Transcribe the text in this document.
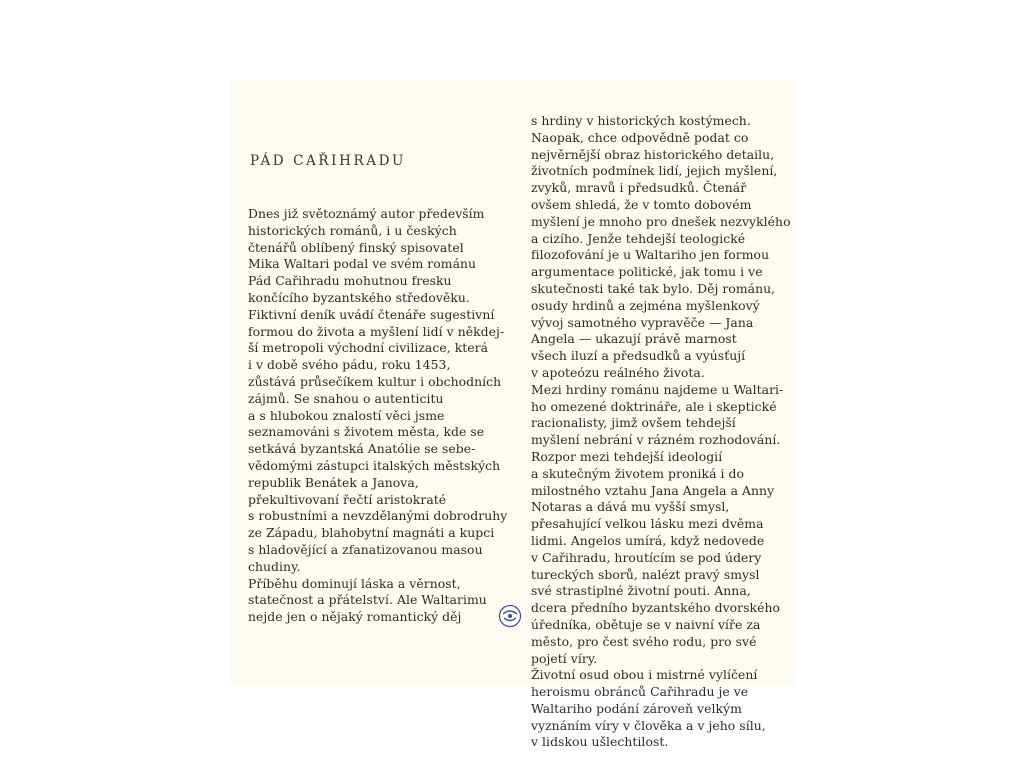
PÁD CAŘIHRADU

Dnes již světoznámý autor především

historických románů, i u českých

čtenářů oblíbený finský spisovatel

Mika Waltari podal ve svém románu

Pád Cařihradu mohutnou fresku

končícího byzantského středověku.

Fiktivní deník uvádí čtenáře sugestivní

formou do života a myšlení lidí v někdej-

ší metropoli východní civilizace, která

i v době svého pádu, roku 1453,

zůstává průsečíkem kultur i obchodních

zájmů. Se snahou o autenticitu

a s hlubokou znalostí věci jsme

seznamováni s životem města, kde se

setkává byzantská Anatólie se sebe-

vědomými zástupci italských městských

republik Benátek a Janova,

překultivovaní řečtí aristokraté

s robustními a nevzdělanými dobrodruhy

ze Západu, blahobytní magnáti a kupci

s hladovějící a zfanatizovanou masou

chudiny.

Příběhu dominují láska a věrnost,

statečnost a přátelství. Ale Waltarimu

nejde jen o nějaký romantický děj

s hrdiny v historických kostýmech.

Naopak, chce odpovědně podat co

nejvěrnější obraz historického detailu,

životních podmínek lidí, jejich myšlení,

zvyků, mravů i předsudků. Čtenář

ovšem shledá, že v tomto dobovém

myšlení je mnoho pro dnešek nezvyklého

a cizího. Jenže tehdejší teologické

filozofování je u Waltariho jen formou

argumentace politické, jak tomu i ve

skutečnosti také tak bylo. Děj románu,

osudy hrdinů a zejména myšlenkový

vývoj samotného vypravěče — Jana

Angela — ukazují právě marnost

všech iluzí a předsudků a vyúsťují

v apoteózu reálného života.

Mezi hrdiny románu najdeme u Waltari-

ho omezené doktrináře, ale i skeptické

racionalisty, jimž ovšem tehdejší

myšlení nebrání v rázném rozhodování.

Rozpor mezi tehdejší ideologií

a skutečným životem proniká i do

milostného vztahu Jana Angela a Anny

Notaras a dává mu vyšší smysl,

přesahující velkou lásku mezi dvěma

lidmi. Angelos umírá, když nedovede

v Cařihradu, hroutícím se pod údery

tureckých sborů, nalézt pravý smysl

své strastiplné životní pouti. Anna,

dcera předního byzantského dvorského

úředníka, obětuje se v naivní víře za

město, pro čest svého rodu, pro své

pojetí víry.

Životní osud obou i mistrné vylíčení

heroismu obránců Cařihradu je ve

Waltariho podání zároveň velkým

vyznáním víry v člověka a v jeho sílu,

v lidskou ušlechtilost.
